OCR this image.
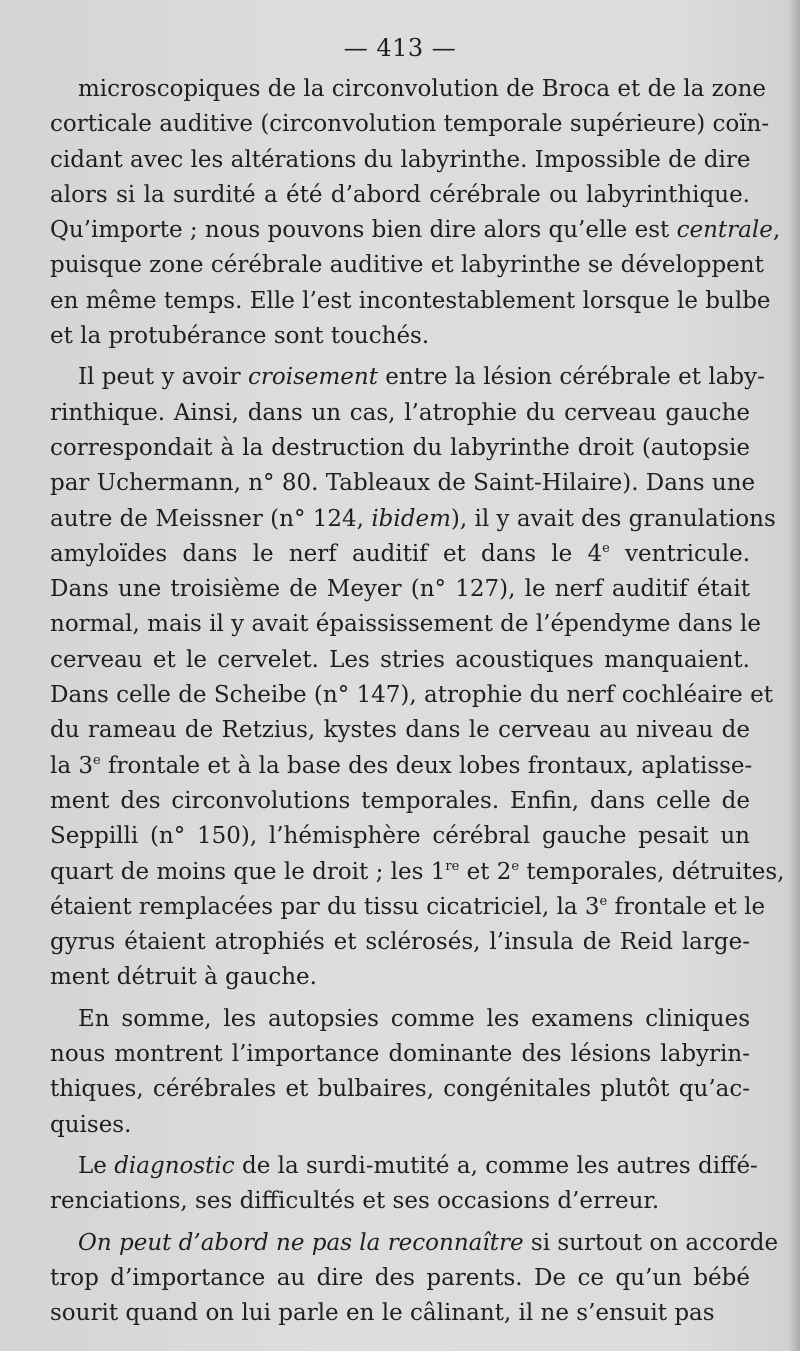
— 413 —
microscopiques de la circonvolution de Broca et de la zone
corticale auditive (circonvolution temporale supérieure) coïn-
cidant avec les altérations du labyrinthe. Impossible de dire
alors si la surdité a été d’abord cérébrale ou labyrinthique.
Qu’importe ; nous pouvons bien dire alors qu’elle est centrale,
puisque zone cérébrale auditive et labyrinthe se développent
en même temps. Elle l’est incontestablement lorsque le bulbe
et la protubérance sont touchés.
Il peut y avoir croisement entre la lésion cérébrale et laby-
rinthique. Ainsi, dans un cas, l’atrophie du cerveau gauche
correspondait à la destruction du labyrinthe droit (autopsie
par Uchermann, n° 80. Tableaux de Saint-Hilaire). Dans une
autre de Meissner (n° 124, ibidem), il y avait des granulations
amyloïdes dans le nerf auditif et dans le 4e ventricule.
Dans une troisième de Meyer (n° 127), le nerf auditif était
normal, mais il y avait épaississement de l’épendyme dans le
cerveau et le cervelet. Les stries acoustiques manquaient.
Dans celle de Scheibe (n° 147), atrophie du nerf cochléaire et
du rameau de Retzius, kystes dans le cerveau au niveau de
la 3e frontale et à la base des deux lobes frontaux, aplatisse-
ment des circonvolutions temporales. Enfin, dans celle de
Seppilli (n° 150), l’hémisphère cérébral gauche pesait un
quart de moins que le droit ; les 1re et 2e temporales, détruites,
étaient remplacées par du tissu cicatriciel, la 3e frontale et le
gyrus étaient atrophiés et sclérosés, l’insula de Reid large-
ment détruit à gauche.
En somme, les autopsies comme les examens cliniques
nous montrent l’importance dominante des lésions labyrin-
thiques, cérébrales et bulbaires, congénitales plutôt qu’ac-
quises.
Le diagnostic de la surdi-mutité a, comme les autres diffé-
renciations, ses difficultés et ses occasions d’erreur.
On peut d’abord ne pas la reconnaître si surtout on accorde
trop d’importance au dire des parents. De ce qu’un bébé
sourit quand on lui parle en le câlinant, il ne s’ensuit pas
